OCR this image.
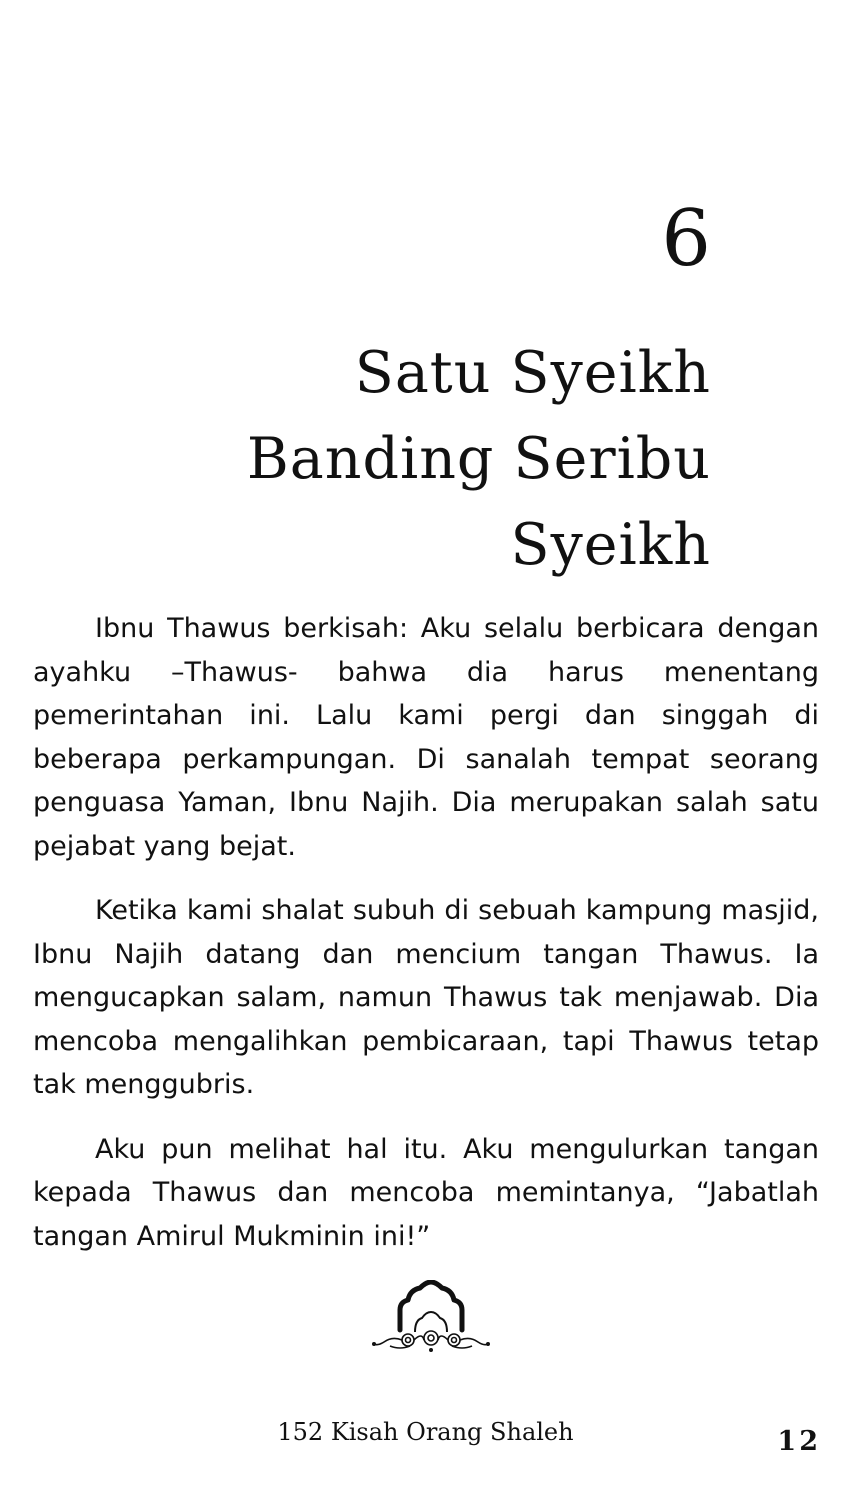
6
Satu Syeikh
Banding Seribu
Syeikh

Ibnu Thawus berkisah: Aku selalu berbicara dengan ayahku –Thawus- bahwa dia harus menentang pemerintahan ini. Lalu kami pergi dan singgah di beberapa perkampungan. Di sanalah tempat seorang penguasa Yaman, Ibnu Najih. Dia merupakan salah satu pejabat yang bejat.

Ketika kami shalat subuh di sebuah kampung masjid, Ibnu Najih datang dan mencium tangan Thawus. Ia mengucapkan salam, namun Thawus tak menjawab. Dia mencoba mengalihkan pembicaraan, tapi Thawus tetap tak menggubris.

Aku pun melihat hal itu. Aku mengulurkan tangan kepada Thawus dan mencoba memintanya, “Jabatlah tangan Amirul Mukminin ini!”

152 Kisah Orang Shaleh	12
